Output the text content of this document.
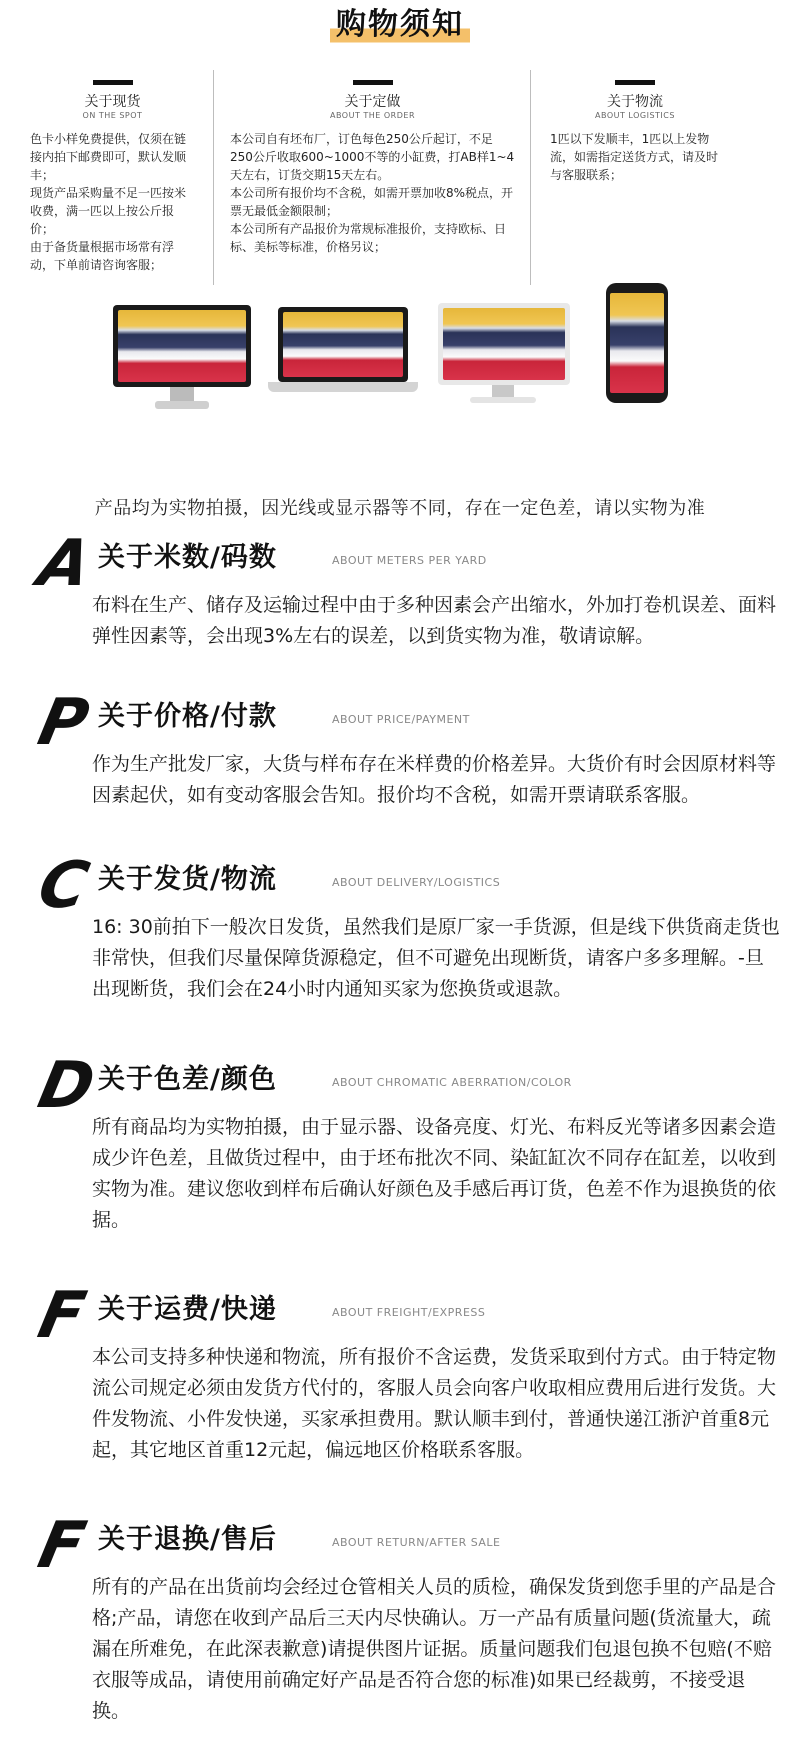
购物须知
关于现货
ON THE SPOT
色卡小样免费提供，仅须在链接内拍下邮费即可，默认发顺丰；
现货产品采购量不足一匹按米收费，满一匹以上按公斤报价；
由于备货量根据市场常有浮动，下单前请咨询客服；
关于定做
ABOUT THE ORDER
本公司自有坯布厂，订色每色250公斤起订，不足250公斤收取600~1000不等的小缸费，打AB样1~4天左右，订货交期15天左右。
本公司所有报价均不含税，如需开票加收8%税点，开票无最低金额限制；
本公司所有产品报价为常规标准报价，支持欧标、日标、美标等标准，价格另议；
关于物流
ABOUT LOGISTICS
1匹以下发顺丰，1匹以上发物流，如需指定送货方式，请及时与客服联系；
产品均为实物拍摄，因光线或显示器等不同，存在一定色差，请以实物为准
A 关于米数/码数	ABOUT METERS PER YARD
布料在生产、储存及运输过程中由于多种因素会产出缩水，外加打卷机误差、面料弹性因素等，会出现3%左右的误差，以到货实物为准，敬请谅解。
P 关于价格/付款	ABOUT PRICE/PAYMENT
作为生产批发厂家，大货与样布存在米样费的价格差异。大货价有时会因原材料等因素起伏，如有变动客服会告知。报价均不含税，如需开票请联系客服。
C 关于发货/物流	ABOUT DELIVERY/LOGISTICS
16: 30前拍下一般次日发货，虽然我们是原厂家一手货源，但是线下供货商走货也非常快，但我们尽量保障货源稳定，但不可避免出现断货，请客户多多理解。-旦出现断货，我们会在24小时内通知买家为您换货或退款。
D
关于色差/颜色	ABOUT CHROMATIC ABERRATION/COLOR
所有商品均为实物拍摄，由于显示器、设备亮度、灯光、布料反光等诸多因素会造成少许色差，且做货过程中，由于坯布批次不同、染缸缸次不同存在缸差，以收到实物为准。建议您收到样布后确认好颜色及手感后再订货，色差不作为退换货的依据。
F 关于运费/快递	ABOUT FREIGHT/EXPRESS
本公司支持多种快递和物流，所有报价不含运费，发货采取到付方式。由于特定物流公司规定必须由发货方代付的，客服人员会向客户收取相应费用后进行发货。大件发物流、小件发快递，买家承担费用。默认顺丰到付，普通快递江浙沪首重8元起，其它地区首重12元起，偏远地区价格联系客服。
F 关于退换/售后	ABOUT RETURN/AFTER SALE
所有的产品在出货前均会经过仓管相关人员的质检，确保发货到您手里的产品是合格;产品，请您在收到产品后三天内尽快确认。万一产品有质量问题(货流量大，疏漏在所难免，在此深表歉意)请提供图片证据。质量问题我们包退包换不包赔(不赔衣服等成品，请使用前确定好产品是否符合您的标准)如果已经裁剪，不接受退换。
